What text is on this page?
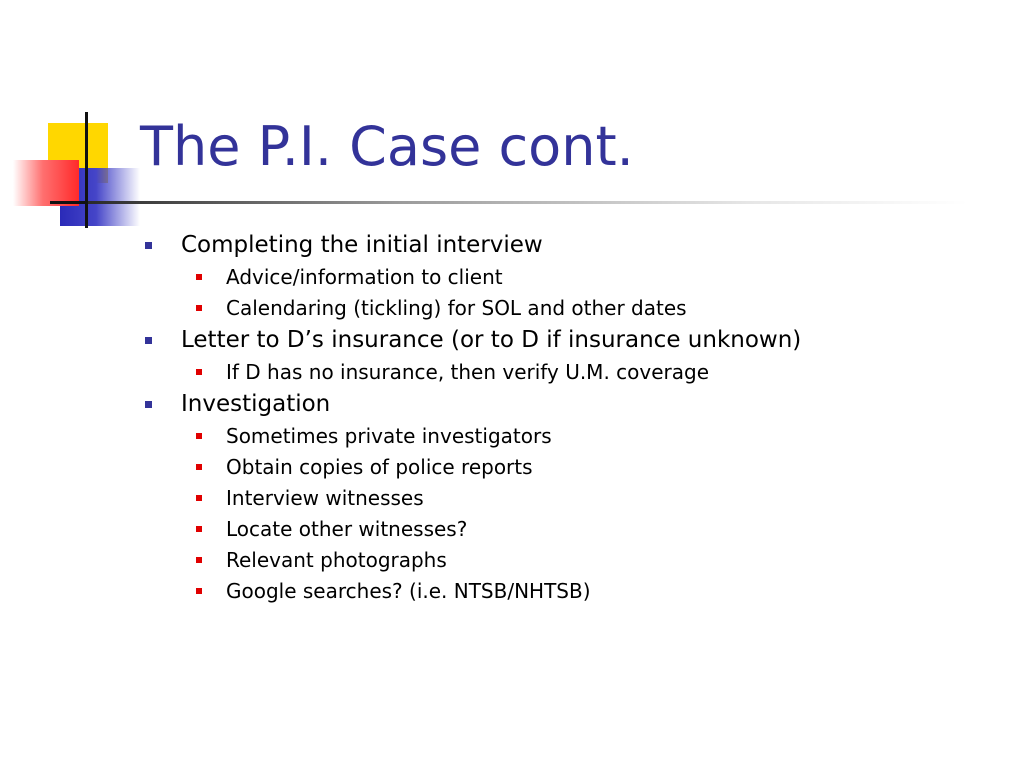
The P.I. Case cont.
Completing the initial interview
Advice/information to client
Calendaring (tickling) for SOL and other dates
Letter to D’s insurance (or to D if insurance unknown)
If D has no insurance, then verify U.M. coverage
Investigation
Sometimes private investigators
Obtain copies of police reports
Interview witnesses
Locate other witnesses?
Relevant photographs
Google searches? (i.e. NTSB/NHTSB)
